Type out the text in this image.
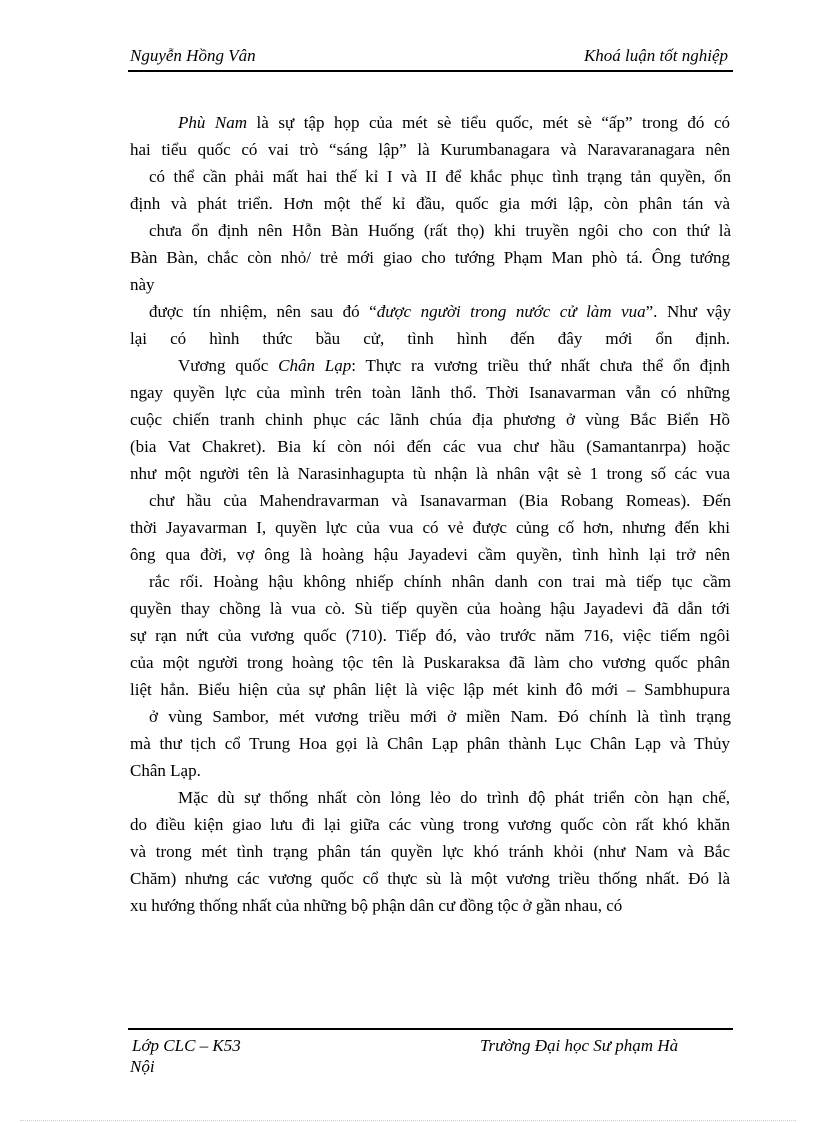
Nguyễn Hồng Vân	Khoá luận tốt nghiệp
Phù Nam là sự tập họp của mét sè tiểu quốc, mét sè “ấp” trong đó có
hai tiểu quốc có vai trò “sáng lập” là Kurumbanagara và Naravaranagara nên
có thể cần phải mất hai thế kỉ I và II để khắc phục tình trạng tản quyền, ổn
định và phát triển. Hơn một thế kỉ đầu, quốc gia mới lập, còn phân tán và
chưa ổn định nên Hỗn Bàn Huống (rất thọ) khi truyền ngôi cho con thứ là
Bàn Bàn, chắc còn nhỏ/ trẻ mới giao cho tướng Phạm Man phò tá. Ông tướng
này
được tín nhiệm, nên sau đó “được người trong nước cử làm vua”. Như vậy
lại có hình thức bầu cử, tình hình đến đây mới ổn định.
Vương quốc Chân Lạp: Thực ra vương triều thứ nhất chưa thể ổn định
ngay quyền lực của mình trên toàn lãnh thổ. Thời Isanavarman vẫn có những
cuộc chiến tranh chinh phục các lãnh chúa địa phương ở vùng Bắc Biển Hồ
(bia Vat Chakret). Bia kí còn nói đến các vua chư hầu (Samantanrpa) hoặc
như một người tên là Narasinhagupta tù nhận là nhân vật sè 1 trong số các vua
chư hầu của Mahendravarman và Isanavarman (Bia Robang Romeas). Đến
thời Jayavarman I, quyền lực của vua có vẻ được củng cố hơn, nhưng đến khi
ông qua đời, vợ ông là hoàng hậu Jayadevi cầm quyền, tình hình lại trở nên
rắc rối. Hoàng hậu không nhiếp chính nhân danh con trai mà tiếp tục cầm
quyền thay chồng là vua cò. Sù tiếp quyền của hoàng hậu Jayadevi đã dẫn tới
sự rạn nứt của vương quốc (710). Tiếp đó, vào trước năm 716, việc tiếm ngôi
của một người trong hoàng tộc tên là Puskaraksa đã làm cho vương quốc phân
liệt hẳn. Biểu hiện của sự phân liệt là việc lập mét kinh đô mới – Sambhupura
ở vùng Sambor, mét vương triều mới ở miền Nam. Đó chính là tình trạng
mà thư tịch cổ Trung Hoa gọi là Chân Lạp phân thành Lục Chân Lạp và Thủy
Chân Lạp.
Mặc dù sự thống nhất còn lỏng lẻo do trình độ phát triển còn hạn chế,
do điều kiện giao lưu đi lại giữa các vùng trong vương quốc còn rất khó khăn
và trong mét tình trạng phân tán quyền lực khó tránh khỏi (như Nam và Bắc
Chăm) nhưng các vương quốc cổ thực sù là một vương triều thống nhất. Đó là
xu hướng thống nhất của những bộ phận dân cư đồng tộc ở gần nhau, có
Lớp CLC – K53	Trường Đại học Sư phạm Hà
Nội
